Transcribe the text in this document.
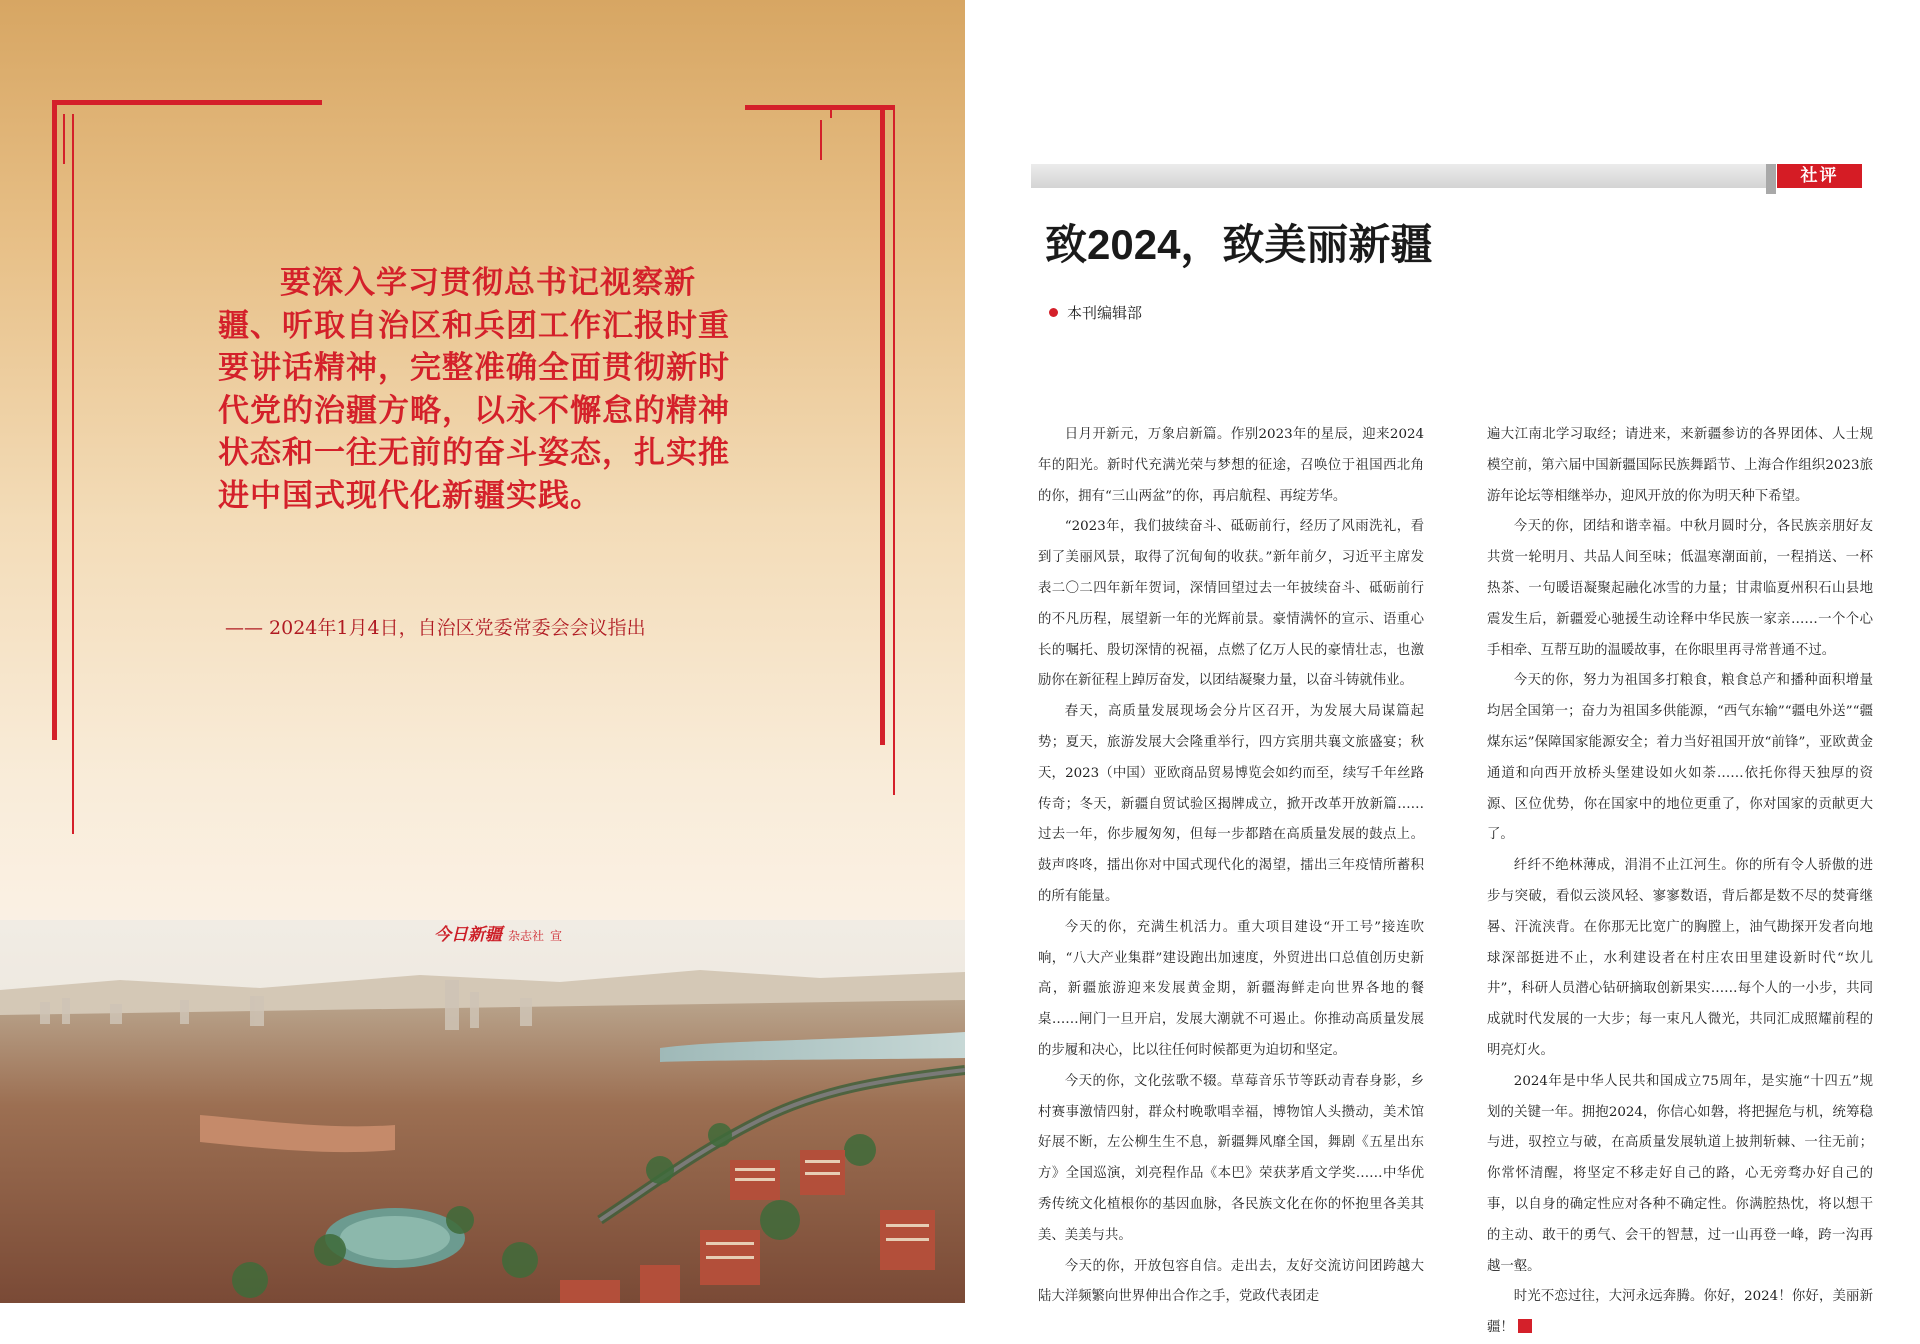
要深入学习贯彻总书记视察新疆、听取自治区和兵团工作汇报时重要讲话精神，完整准确全面贯彻新时代党的治疆方略，以永不懈怠的精神状态和一往无前的奋斗姿态，扎实推进中国式现代化新疆实践。

—— 2024年1月4日，自治区党委常委会会议指出
今日新疆 杂志社 宣
社评
致2024，致美丽新疆
本刊编辑部

日月开新元，万象启新篇。作别2023年的星辰，迎来2024年的阳光。新时代充满光荣与梦想的征途，召唤位于祖国西北角的你，拥有“三山两盆”的你，再启航程、再绽芳华。

“2023年，我们披续奋斗、砥砺前行，经历了风雨洗礼，看到了美丽风景，取得了沉甸甸的收获。”新年前夕，习近平主席发表二〇二四年新年贺词，深情回望过去一年披续奋斗、砥砺前行的不凡历程，展望新一年的光辉前景。豪情满怀的宣示、语重心长的嘱托、殷切深情的祝福，点燃了亿万人民的豪情壮志，也激励你在新征程上踔厉奋发，以团结凝聚力量，以奋斗铸就伟业。

春天，高质量发展现场会分片区召开，为发展大局谋篇起势；夏天，旅游发展大会隆重举行，四方宾朋共襄文旅盛宴；秋天，2023（中国）亚欧商品贸易博览会如约而至，续写千年丝路传奇；冬天，新疆自贸试验区揭牌成立，掀开改革开放新篇……过去一年，你步履匆匆，但每一步都踏在高质量发展的鼓点上。鼓声咚咚，擂出你对中国式现代化的渴望，擂出三年疫情所蓄积的所有能量。

今天的你，充满生机活力。重大项目建设“开工号”接连吹响，“八大产业集群”建设跑出加速度，外贸进出口总值创历史新高，新疆旅游迎来发展黄金期，新疆海鲜走向世界各地的餐桌……闸门一旦开启，发展大潮就不可遏止。你推动高质量发展的步履和决心，比以往任何时候都更为迫切和坚定。

今天的你，文化弦歌不辍。草莓音乐节等跃动青春身影，乡村赛事激情四射，群众村晚歌唱幸福，博物馆人头攒动，美术馆好展不断，左公柳生生不息，新疆舞风靡全国，舞剧《五星出东方》全国巡演，刘亮程作品《本巴》荣获茅盾文学奖……中华优秀传统文化植根你的基因血脉，各民族文化在你的怀抱里各美其美、美美与共。

今天的你，开放包容自信。走出去，友好交流访问团跨越大陆大洋频繁向世界伸出合作之手，党政代表团走

遍大江南北学习取经；请进来，来新疆参访的各界团体、人士规模空前，第六届中国新疆国际民族舞蹈节、上海合作组织2023旅游年论坛等相继举办，迎风开放的你为明天种下希望。

今天的你，团结和谐幸福。中秋月圆时分，各民族亲朋好友共赏一轮明月、共品人间至味；低温寒潮面前，一程捎送、一杯热茶、一句暖语凝聚起融化冰雪的力量；甘肃临夏州积石山县地震发生后，新疆爱心驰援生动诠释中华民族一家亲……一个个心手相牵、互帮互助的温暖故事，在你眼里再寻常普通不过。

今天的你，努力为祖国多打粮食，粮食总产和播种面积增量均居全国第一；奋力为祖国多供能源，“西气东输”“疆电外送”“疆煤东运”保障国家能源安全；着力当好祖国开放“前锋”，亚欧黄金通道和向西开放桥头堡建设如火如荼……依托你得天独厚的资源、区位优势，你在国家中的地位更重了，你对国家的贡献更大了。

纤纤不绝林薄成，涓涓不止江河生。你的所有令人骄傲的进步与突破，看似云淡风轻、寥寥数语，背后都是数不尽的焚膏继晷、汗流浃背。在你那无比宽广的胸膛上，油气勘探开发者向地球深部挺进不止，水利建设者在村庄农田里建设新时代“坎儿井”，科研人员潜心钻研摘取创新果实……每个人的一小步，共同成就时代发展的一大步；每一束凡人微光，共同汇成照耀前程的明亮灯火。

2024年是中华人民共和国成立75周年，是实施“十四五”规划的关键一年。拥抱2024，你信心如磐，将把握危与机，统筹稳与进，驭控立与破，在高质量发展轨道上披荆斩棘、一往无前；你常怀清醒，将坚定不移走好自己的路，心无旁骛办好自己的事，以自身的确定性应对各种不确定性。你满腔热忱，将以想干的主动、敢干的勇气、会干的智慧，过一山再登一峰，跨一沟再越一壑。

时光不恋过往，大河永远奔腾。你好，2024！你好，美丽新疆！
